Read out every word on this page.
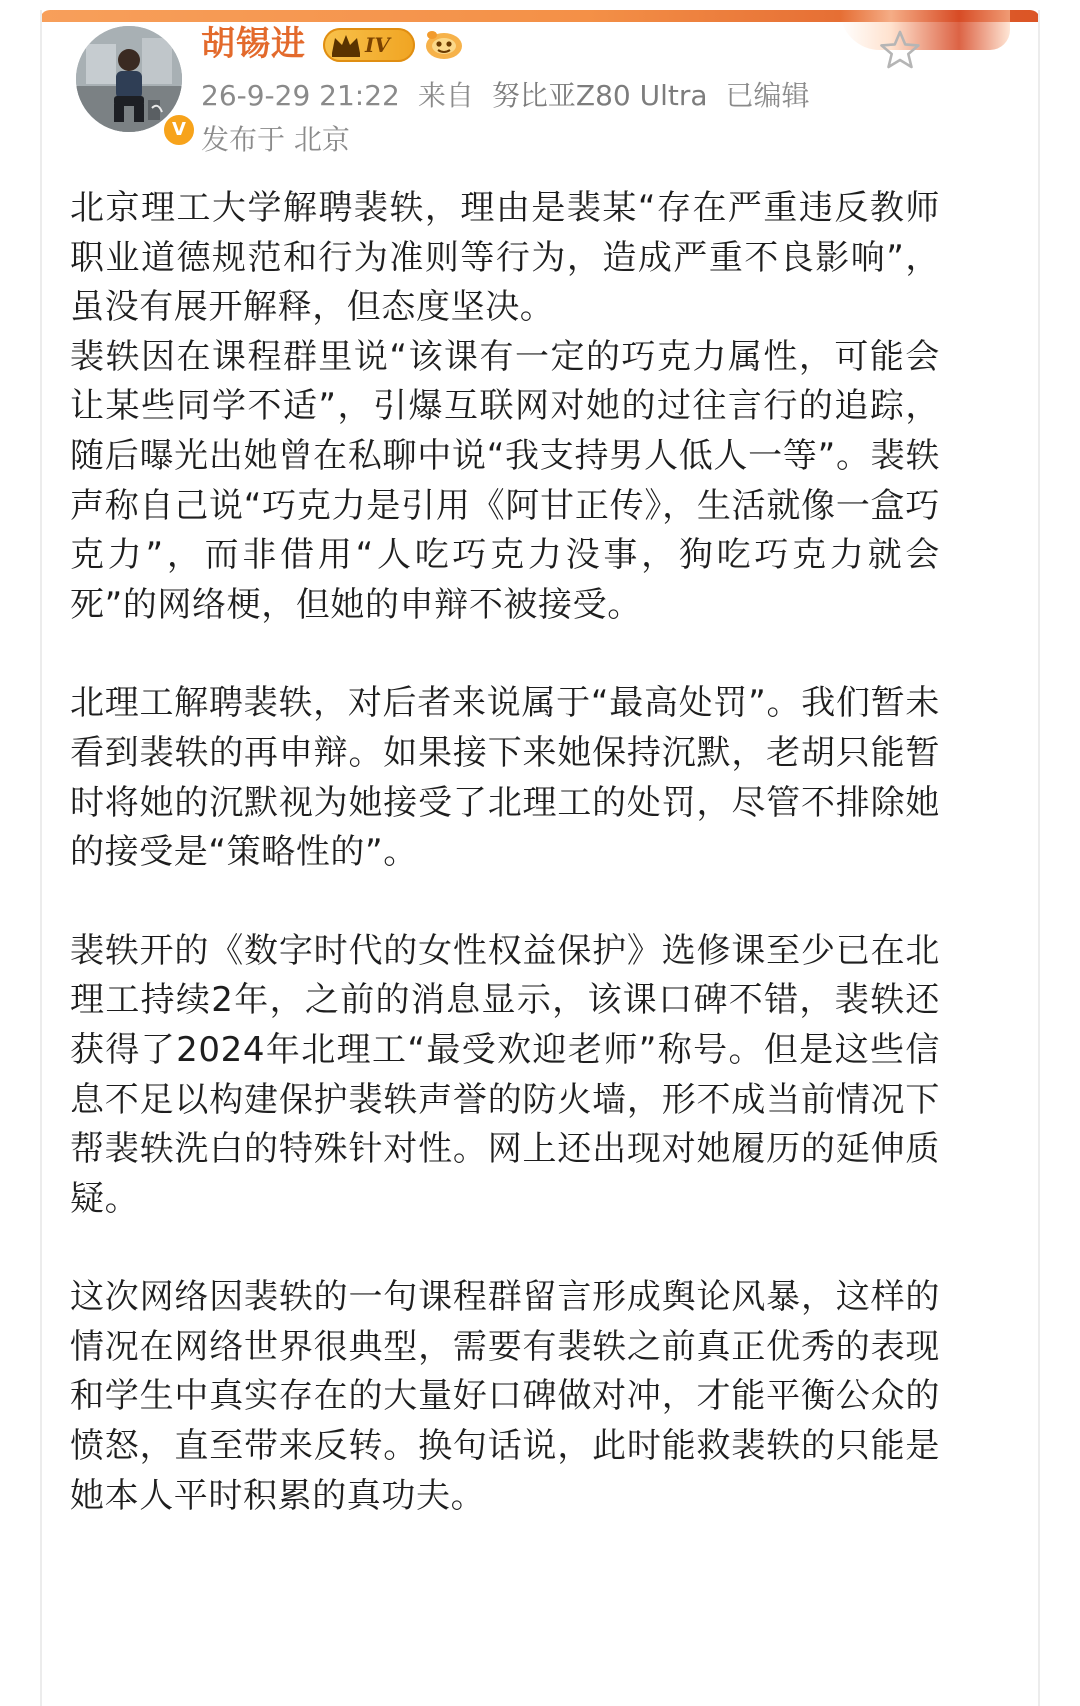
V
胡锡进	IV
26-9-29 21:22 来自 努比亚Z80 Ultra 已编辑
发布于 北京

北京理工大学解聘裴轶，理由是裴某“存在严重违反教师职业道德规范和行为准则等行为，造成严重不良影响”，虽没有展开解释，但态度坚决。

裴轶因在课程群里说“该课有一定的巧克力属性，可能会让某些同学不适”，引爆互联网对她的过往言行的追踪，随后曝光出她曾在私聊中说“我支持男人低人一等”。裴轶声称自己说“巧克力是引用《阿甘正传》，生活就像一盒巧克力”，而非借用“人吃巧克力没事，狗吃巧克力就会死”的网络梗，但她的申辩不被接受。

北理工解聘裴轶，对后者来说属于“最高处罚”。我们暂未看到裴轶的再申辩。如果接下来她保持沉默，老胡只能暂时将她的沉默视为她接受了北理工的处罚，尽管不排除她的接受是“策略性的”。

裴轶开的《数字时代的女性权益保护》选修课至少已在北理工持续2年，之前的消息显示，该课口碑不错，裴轶还获得了2024年北理工“最受欢迎老师”称号。但是这些信息不足以构建保护裴轶声誉的防火墙，形不成当前情况下帮裴轶洗白的特殊针对性。网上还出现对她履历的延伸质疑。

这次网络因裴轶的一句课程群留言形成舆论风暴，这样的情况在网络世界很典型，需要有裴轶之前真正优秀的表现和学生中真实存在的大量好口碑做对冲，才能平衡公众的愤怒，直至带来反转。换句话说，此时能救裴轶的只能是她本人平时积累的真功夫。
